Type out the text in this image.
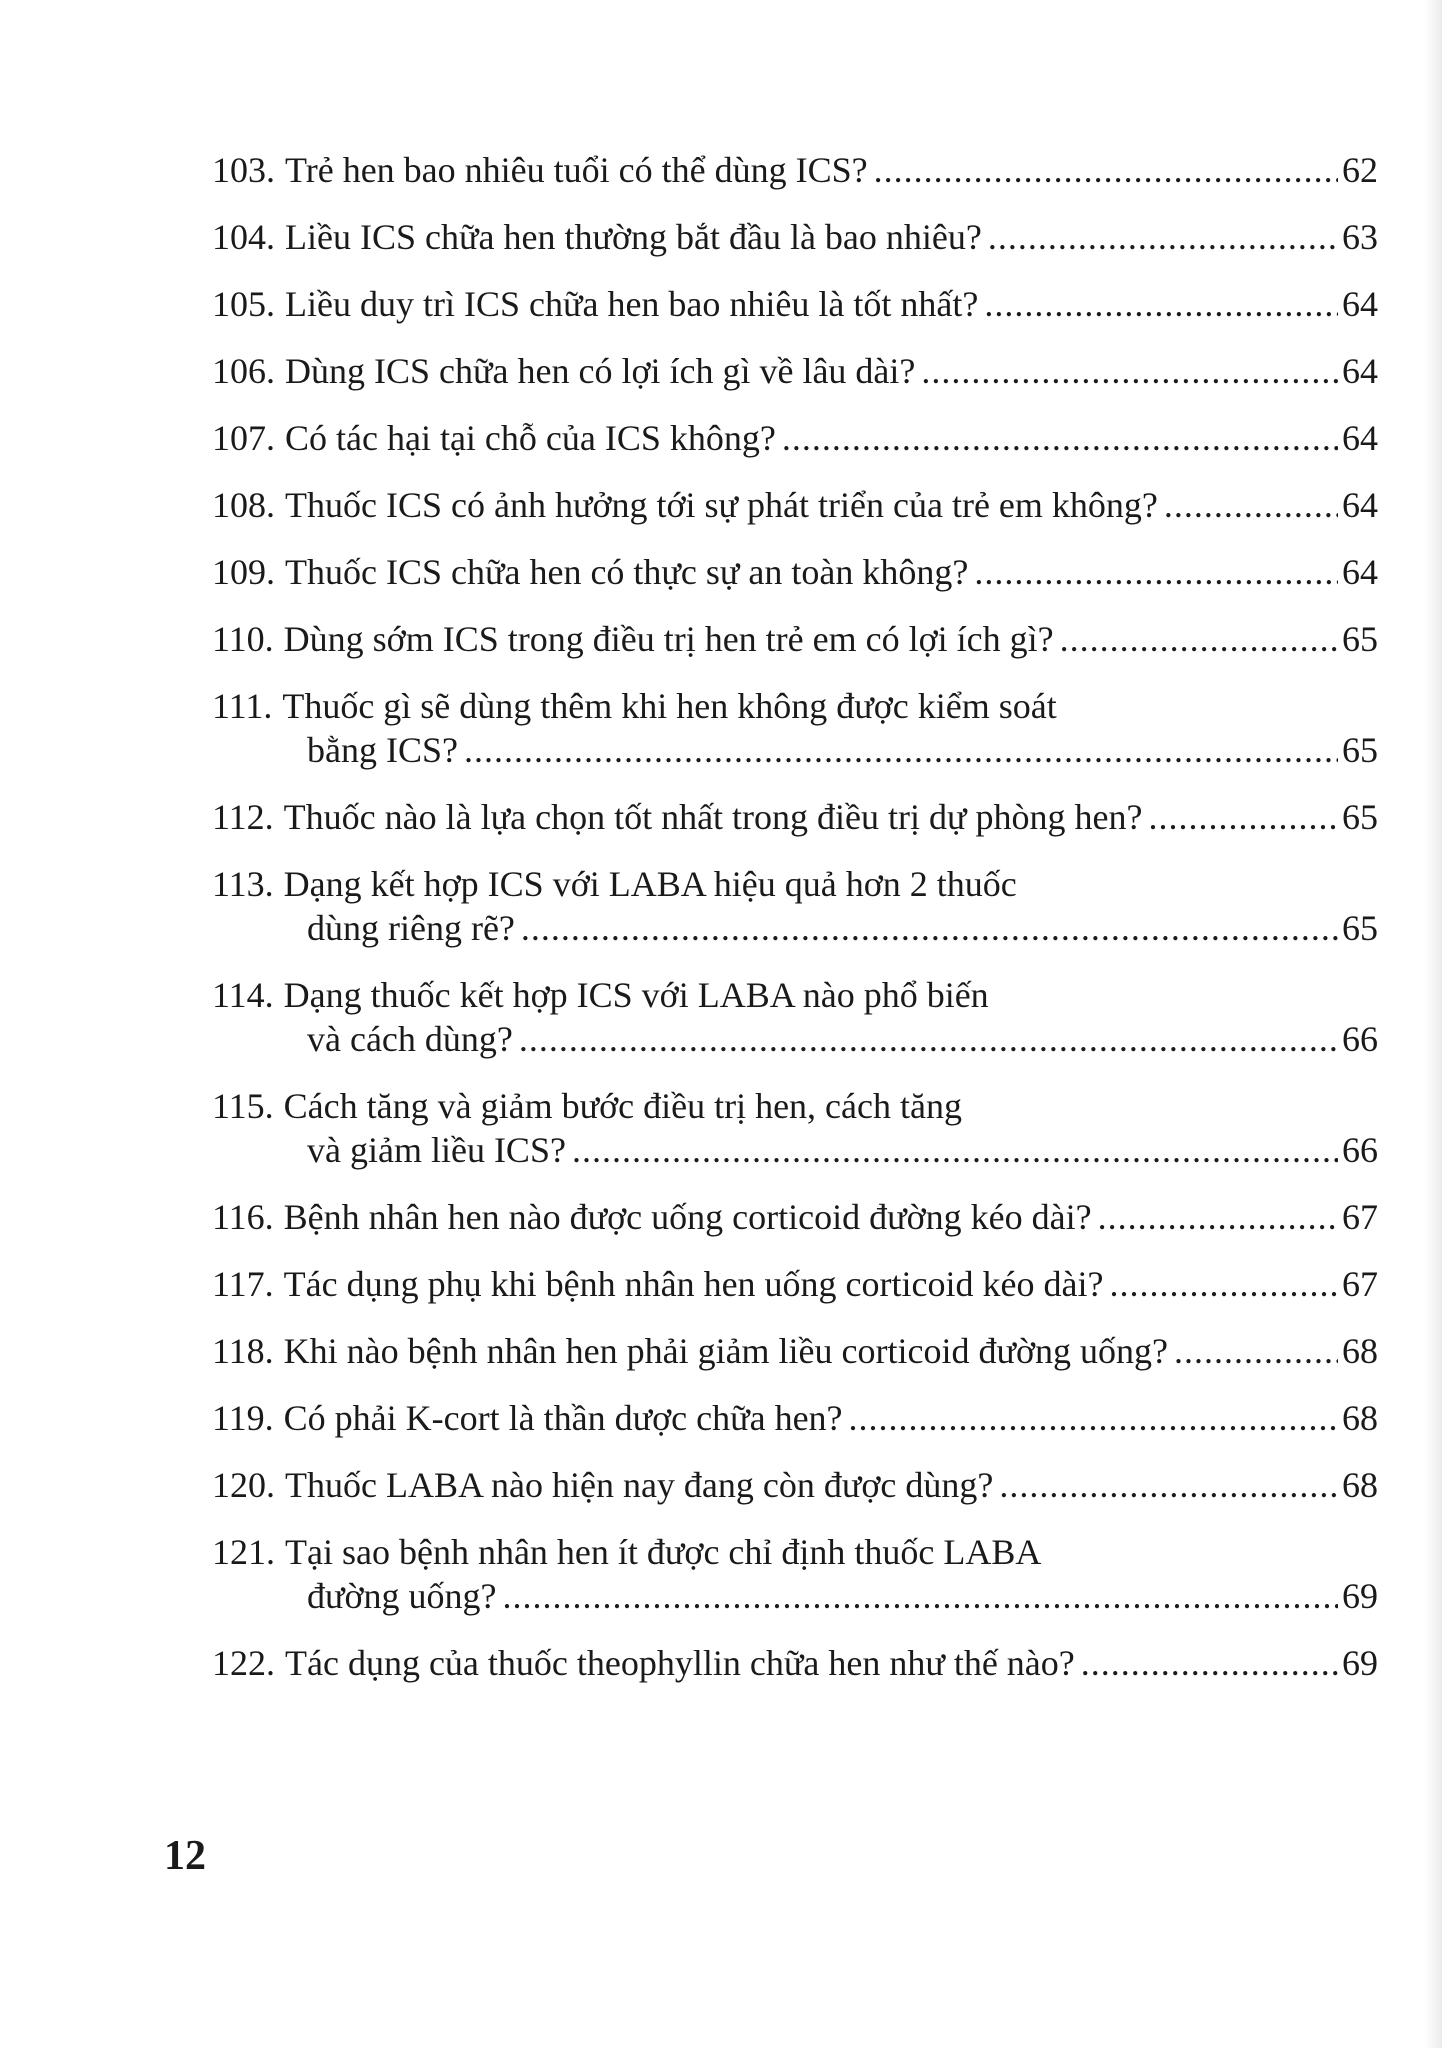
103. Trẻ hen bao nhiêu tuổi có thể dùng ICS? .....	62
104. Liều ICS chữa hen thường bắt đầu là bao nhiêu? .....	63
105. Liều duy trì ICS chữa hen bao nhiêu là tốt nhất? .....	64
106. Dùng ICS chữa hen có lợi ích gì về lâu dài? .....	64
107. Có tác hại tại chỗ của ICS không? .....	64
108. Thuốc ICS có ảnh hưởng tới sự phát triển của trẻ em không? .....	64
109. Thuốc ICS chữa hen có thực sự an toàn không? .....	64
110. Dùng sớm ICS trong điều trị hen trẻ em có lợi ích gì? .....	65
111. Thuốc gì sẽ dùng thêm khi hen không được kiểm soát
bằng ICS? .....	65
112. Thuốc nào là lựa chọn tốt nhất trong điều trị dự phòng hen? .....	65
113. Dạng kết hợp ICS với LABA hiệu quả hơn 2 thuốc
dùng riêng rẽ? .....	65
114. Dạng thuốc kết hợp ICS với LABA nào phổ biến
và cách dùng? .....	66
115. Cách tăng và giảm bước điều trị hen, cách tăng
và giảm liều ICS? .....	66
116. Bệnh nhân hen nào được uống corticoid đường kéo dài? .....	67
117. Tác dụng phụ khi bệnh nhân hen uống corticoid kéo dài? .....	67
118. Khi nào bệnh nhân hen phải giảm liều corticoid đường uống? .....	68
119. Có phải K-cort là thần dược chữa hen? .....	68
120. Thuốc LABA nào hiện nay đang còn được dùng? .....	68
121. Tại sao bệnh nhân hen ít được chỉ định thuốc LABA
đường uống? .....	69
122. Tác dụng của thuốc theophyllin chữa hen như thế nào? .....	69
12
